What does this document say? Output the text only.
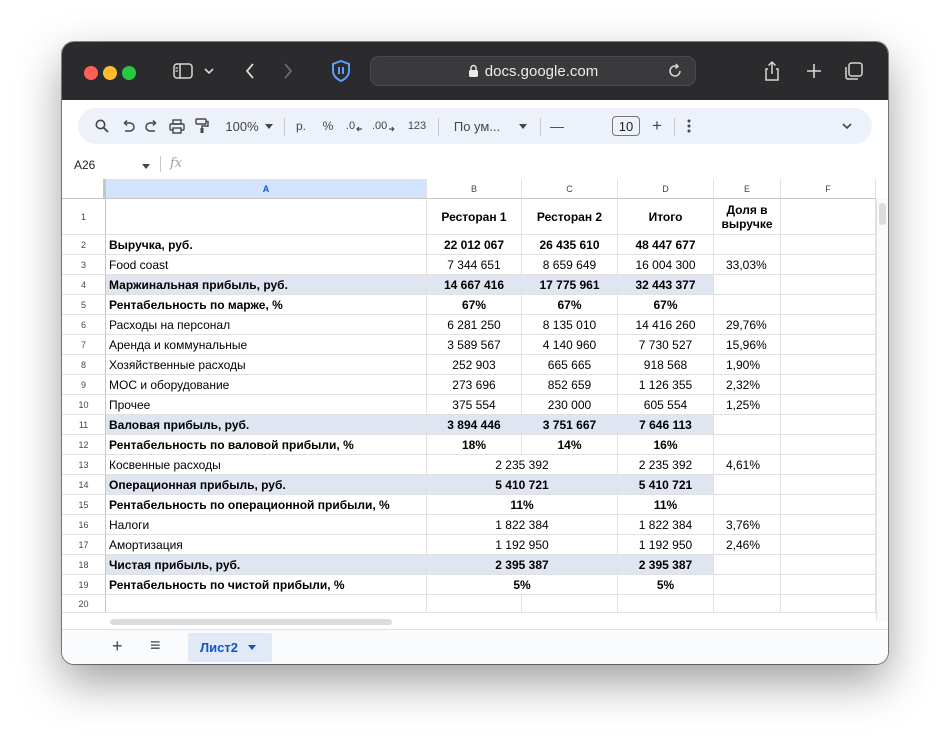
docs.google.com
100%	р.	% .0 .00	123	По ум...	—	10	+
A26	fx
A	B	C	D	E	F
1	Ресторан 1	Ресторан 2	Итого	Доля в выручке
2	Выручка, руб.	22 012 067	26 435 610	48 447 677
3	Food coast	7 344 651	8 659 649	16 004 300	33,03%
4	Маржинальная прибыль, руб.	14 667 416	17 775 961	32 443 377
5	Рентабельность по марже, %	67%	67%	67%
6	Расходы на персонал	6 281 250	8 135 010	14 416 260	29,76%
7	Аренда и коммунальные	3 589 567	4 140 960	7 730 527	15,96%
8	Хозяйственные расходы	252 903	665 665	918 568	1,90%
9	МОС и оборудование	273 696	852 659	1 126 355	2,32%
10	Прочее	375 554	230 000	605 554	1,25%
11	Валовая прибыль, руб.	3 894 446	3 751 667	7 646 113
12	Рентабельность по валовой прибыли, %	18%	14%	16%
13	Косвенные расходы	2 235 392	2 235 392	4,61%
14	Операционная прибыль, руб.	5 410 721	5 410 721
15	Рентабельность по операционной прибыли, %	11%	11%
16	Налоги	1 822 384	1 822 384	3,76%
17	Амортизация	1 192 950	1 192 950	2,46%
18	Чистая прибыль, руб.	2 395 387	2 395 387
19	Рентабельность по чистой прибыли, %	5%	5%
20
+ ≡	Лист2
